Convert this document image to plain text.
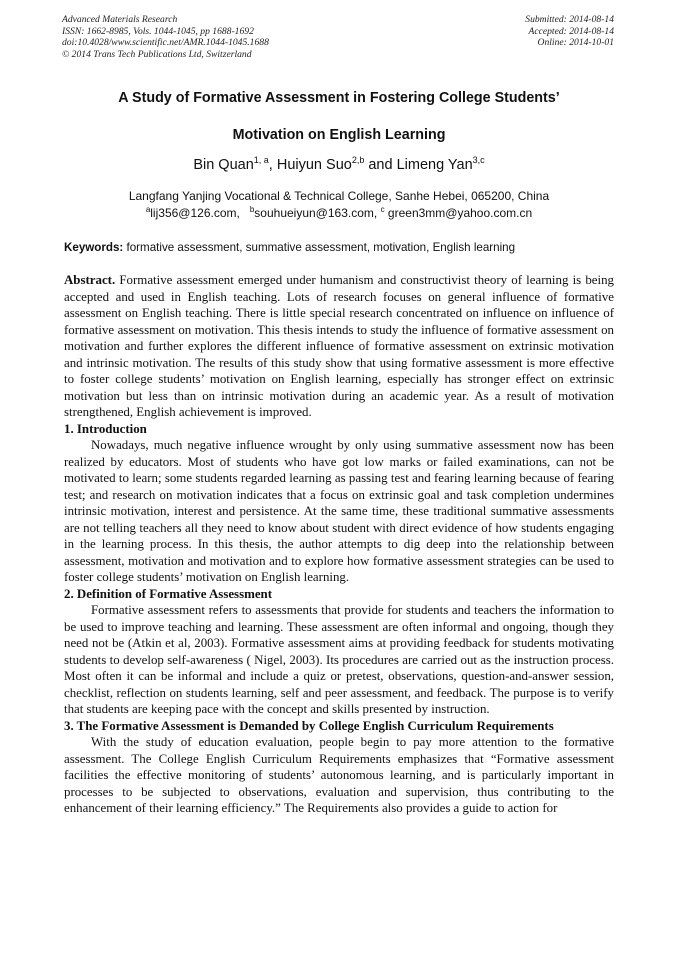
Advanced Materials Research
ISSN: 1662-8985, Vols. 1044-1045, pp 1688-1692
doi:10.4028/www.scientific.net/AMR.1044-1045.1688
© 2014 Trans Tech Publications Ltd, Switzerland
Submitted: 2014-08-14
Accepted: 2014-08-14
Online: 2014-10-01
A Study of Formative Assessment in Fostering College Students’
Motivation on English Learning
Bin Quan$^{1, a}$, Huiyun Suo$^{2,b}$ and Limeng Yan$^{3,c}$
Langfang Yanjing Vocational & Technical College, Sanhe Hebei, 065200, China
$^a$lij356@126.com, $^b$souhueiyun@163.com, $^c$ green3mm@yahoo.com.cn
Keywords: formative assessment, summative assessment, motivation, English learning

Abstract. Formative assessment emerged under humanism and constructivist theory of learning is being accepted and used in English teaching. Lots of research focuses on general influence of formative assessment on English teaching. There is little special research concentrated on influence on influence of formative assessment on motivation. This thesis intends to study the influence of formative assessment on motivation and further explores the different influence of formative assessment on extrinsic motivation and intrinsic motivation. The results of this study show that using formative assessment is more effective to foster college students’ motivation on English learning, especially has stronger effect on extrinsic motivation but less than on intrinsic motivation during an academic year. As a result of motivation strengthened, English achievement is improved.

1. Introduction

Nowadays, much negative influence wrought by only using summative assessment now has been realized by educators. Most of students who have got low marks or failed examinations, can not be motivated to learn; some students regarded learning as passing test and fearing learning because of fearing test; and research on motivation indicates that a focus on extrinsic goal and task completion undermines intrinsic motivation, interest and persistence. At the same time, these traditional summative assessments are not telling teachers all they need to know about student with direct evidence of how students engaging in the learning process. In this thesis, the author attempts to dig deep into the relationship between assessment, motivation and motivation and to explore how formative assessment strategies can be used to foster college students’ motivation on English learning.

2. Definition of Formative Assessment

Formative assessment refers to assessments that provide for students and teachers the information to be used to improve teaching and learning. These assessment are often informal and ongoing, though they need not be (Atkin et al, 2003). Formative assessment aims at providing feedback for students motivating students to develop self-awareness ( Nigel, 2003). Its procedures are carried out as the instruction process. Most often it can be informal and include a quiz or pretest, observations, question-and-answer session, checklist, reflection on students learning, self and peer assessment, and feedback. The purpose is to verify that students are keeping pace with the concept and skills presented by instruction.

3. The Formative Assessment is Demanded by College English Curriculum Requirements

With the study of education evaluation, people begin to pay more attention to the formative assessment. The College English Curriculum Requirements emphasizes that “Formative assessment facilities the effective monitoring of students’ autonomous learning, and is particularly important in processes to be subjected to observations, evaluation and supervision, thus contributing to the enhancement of their learning efficiency.” The Requirements also provides a guide to action for
